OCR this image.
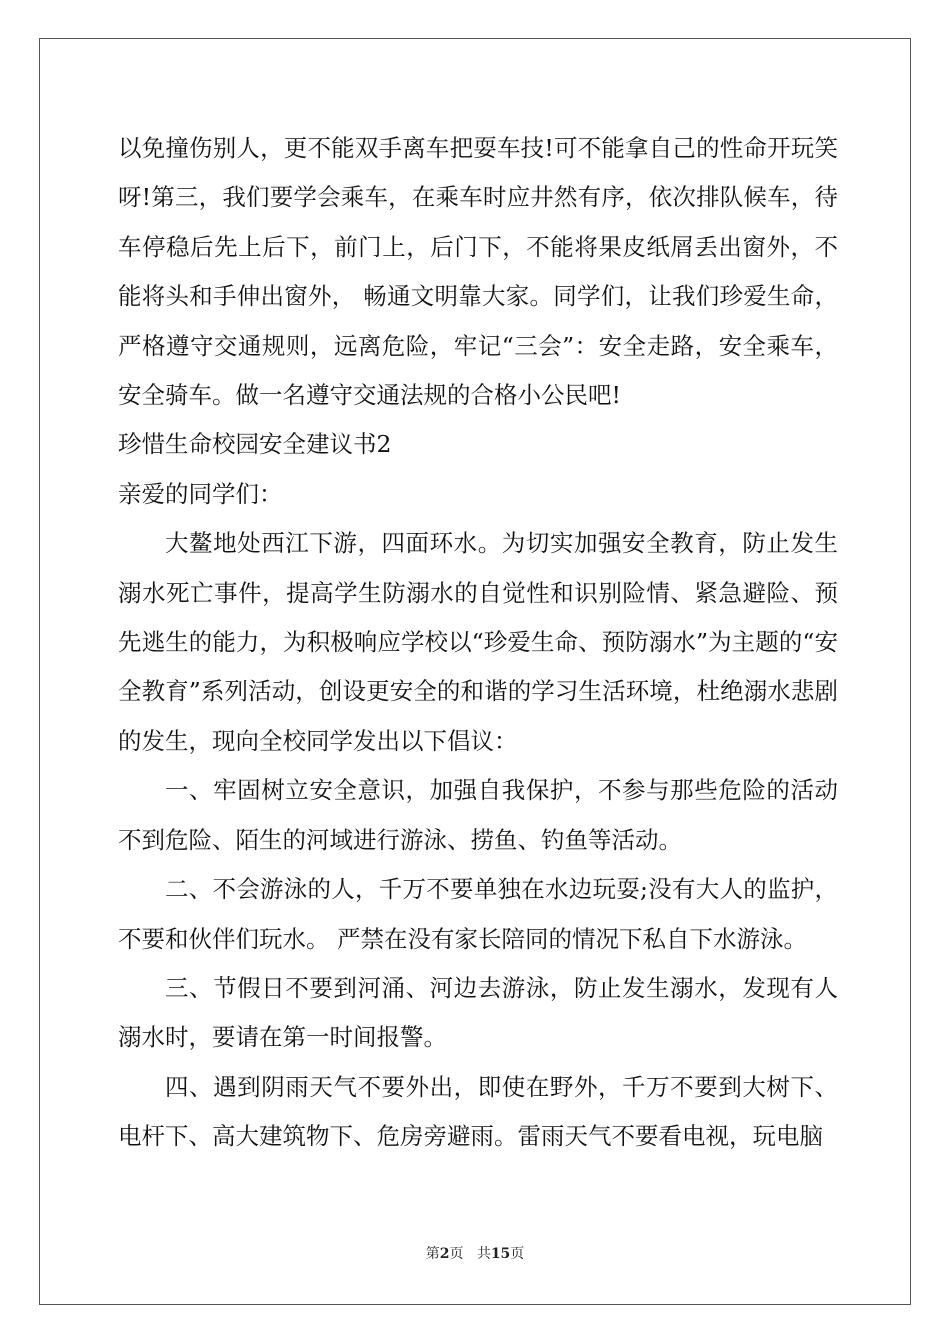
以免撞伤别人，更不能双手离车把耍车技!可不能拿自己的性命开玩笑呀!第三，我们要学会乘车，在乘车时应井然有序，依次排队候车，待车停稳后先上后下，前门上，后门下，不能将果皮纸屑丢出窗外，不能将头和手伸出窗外， 畅通文明靠大家。同学们，让我们珍爱生命，严格遵守交通规则，远离危险，牢记“三会”：安全走路，安全乘车，安全骑车。做一名遵守交通法规的合格小公民吧!

珍惜生命校园安全建议书2

亲爱的同学们：

大鳌地处西江下游，四面环水。为切实加强安全教育，防止发生溺水死亡事件，提高学生防溺水的自觉性和识别险情、紧急避险、预先逃生的能力，为积极响应学校以“珍爱生命、预防溺水”为主题的“安全教育”系列活动，创设更安全的和谐的学习生活环境，杜绝溺水悲剧的发生，现向全校同学发出以下倡议：

一、牢固树立安全意识，加强自我保护，不参与那些危险的活动不到危险、陌生的河域进行游泳、捞鱼、钓鱼等活动。

二、不会游泳的人，千万不要单独在水边玩耍;没有大人的监护，不要和伙伴们玩水。 严禁在没有家长陪同的情况下私自下水游泳。

三、节假日不要到河涌、河边去游泳，防止发生溺水，发现有人溺水时，要请在第一时间报警。

四、遇到阴雨天气不要外出，即使在野外，千万不要到大树下、电杆下、高大建筑物下、危房旁避雨。雷雨天气不要看电视，玩电脑

第2页 共15页
